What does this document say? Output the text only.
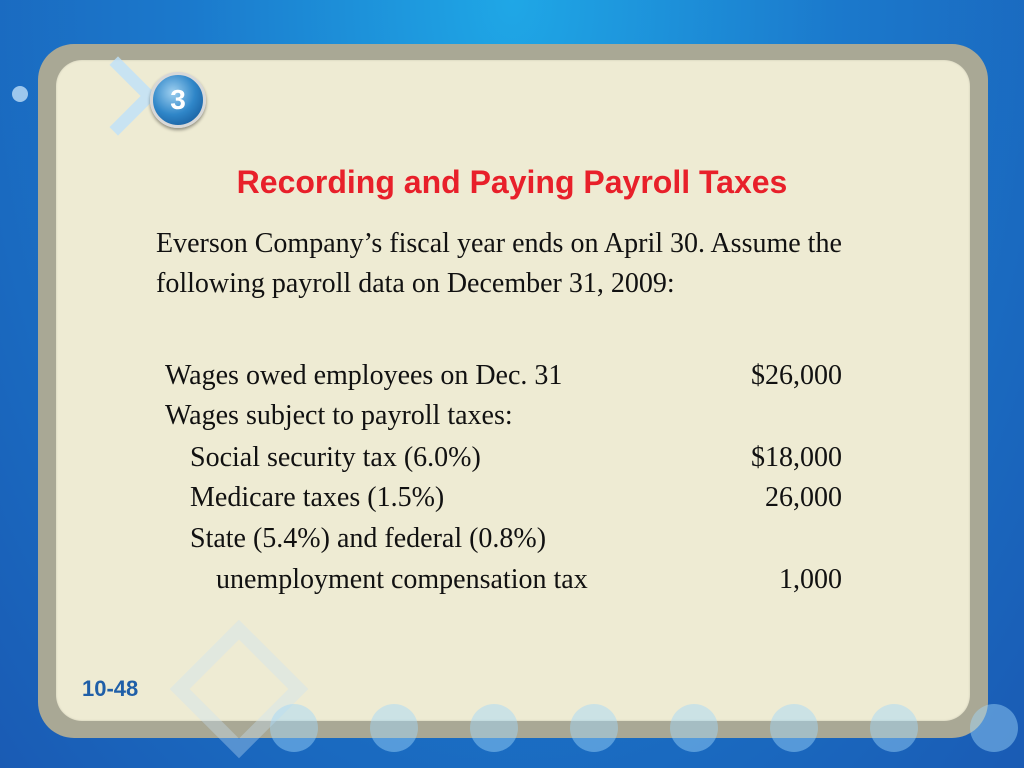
3
Recording and Paying Payroll Taxes
Everson Company’s fiscal year ends on April 30. Assume the following payroll data on December 31, 2009:
Wages owed employees on Dec. 31	$26,000
Wages subject to payroll taxes:
Social security tax (6.0%)	$18,000
Medicare taxes (1.5%)	26,000
State (5.4%) and federal (0.8%)
unemployment compensation tax	1,000
10-48
